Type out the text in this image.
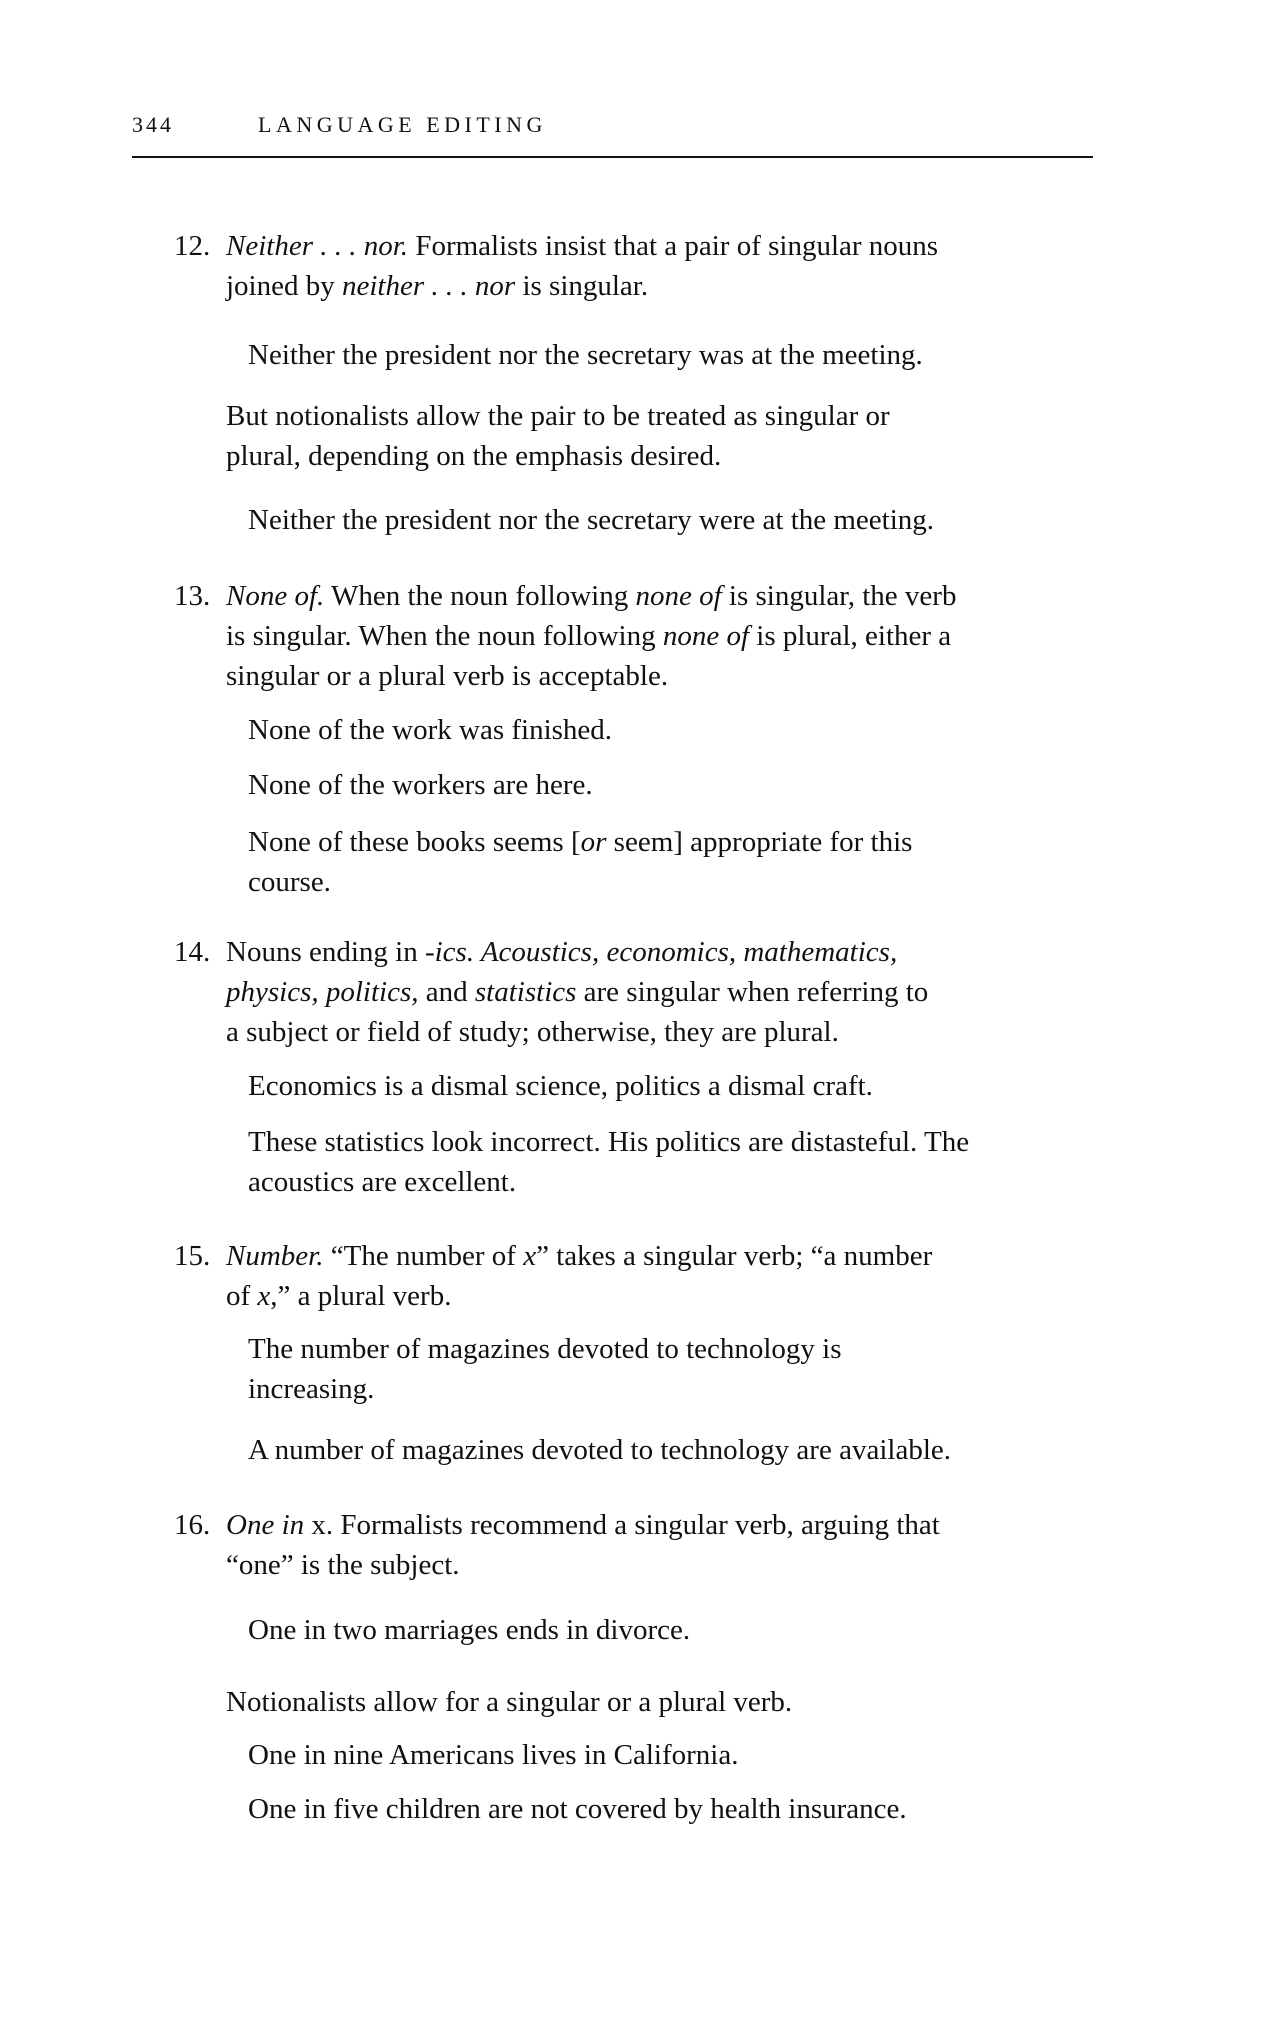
344	LANGUAGE EDITING
12. Neither . . . nor. Formalists insist that a pair of singular nouns
joined by neither . . . nor is singular.
Neither the president nor the secretary was at the meeting.
But notionalists allow the pair to be treated as singular or
plural, depending on the emphasis desired.
Neither the president nor the secretary were at the meeting.
13. None of. When the noun following none of is singular, the verb
is singular. When the noun following none of is plural, either a
singular or a plural verb is acceptable.
None of the work was finished.
None of the workers are here.
None of these books seems [or seem] appropriate for this
course.
14. Nouns ending in -ics. Acoustics, economics, mathematics,
physics, politics, and statistics are singular when referring to
a subject or field of study; otherwise, they are plural.
Economics is a dismal science, politics a dismal craft.
These statistics look incorrect. His politics are distasteful. The
acoustics are excellent.
15. Number. “The number of x” takes a singular verb; “a number
of x,” a plural verb.
The number of magazines devoted to technology is
increasing.
A number of magazines devoted to technology are available.
16. One in x. Formalists recommend a singular verb, arguing that
“one” is the subject.
One in two marriages ends in divorce.
Notionalists allow for a singular or a plural verb.
One in nine Americans lives in California.
One in five children are not covered by health insurance.
